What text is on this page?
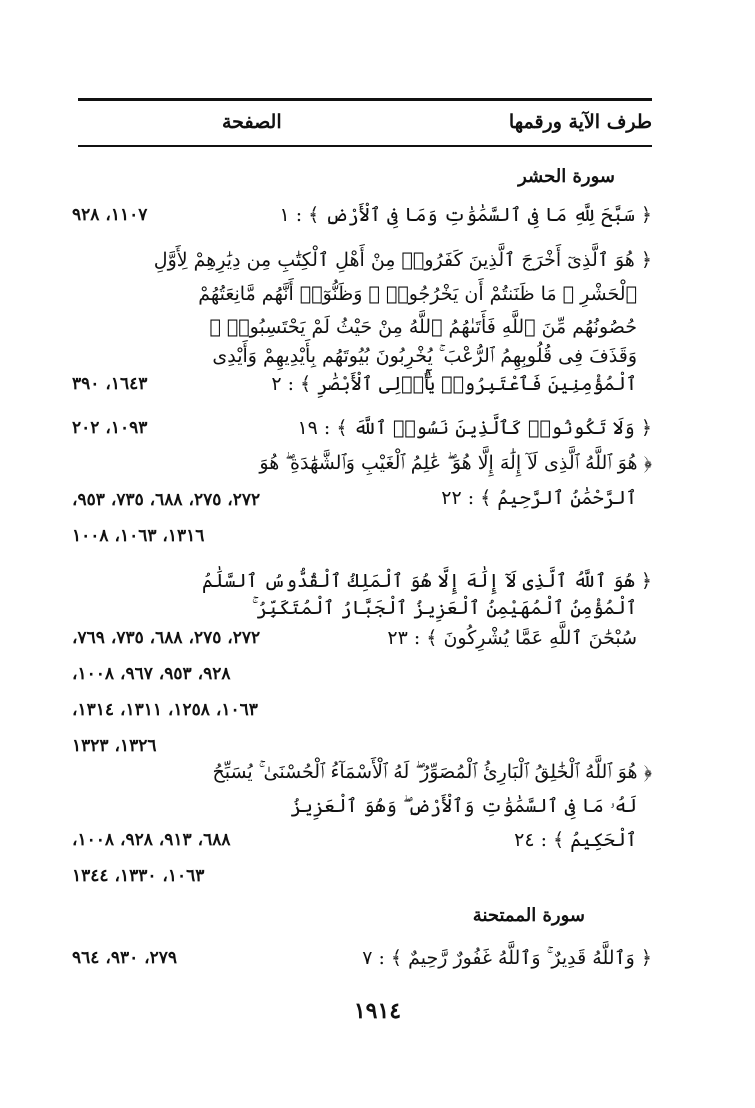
طرف الآية ورقمها
الصفحة
سورة الحشر
﴿ سَبَّحَ لِلَّهِ مَا فِى ٱلسَّمَٰوَٰتِ وَمَا فِى ٱلْأَرْضِ ﴾ : ١
١١٠٧، ٩٢٨
﴿ هُوَ ٱلَّذِىٓ أَخْرَجَ ٱلَّذِينَ كَفَرُوا۟ مِنْ أَهْلِ ٱلْكِتَٰبِ مِن دِيَٰرِهِمْ لِأَوَّلِ
ٱلْحَشْرِ ۚ مَا ظَنَنتُمْ أَن يَخْرُجُوا۟ ۖ وَظَنُّوٓا۟ أَنَّهُم مَّانِعَتُهُمْ
حُصُونُهُم مِّنَ ٱللَّهِ فَأَتَىٰهُمُ ٱللَّهُ مِنْ حَيْثُ لَمْ يَحْتَسِبُوا۟ ۖ
وَقَذَفَ فِى قُلُوبِهِمُ ٱلرُّعْبَ ۚ يُخْرِبُونَ بُيُوتَهُم بِأَيْدِيهِمْ وَأَيْدِى
ٱلْمُؤْمِنِينَ فَٱعْتَبِرُوا۟ يَٰٓأُو۟لِى ٱلْأَبْصَٰرِ ﴾ : ٢
١٦٤٣، ٣٩٠
﴿ وَلَا تَكُونُوا۟ كَٱلَّذِينَ نَسُوا۟ ٱللَّهَ ﴾ : ١٩
١٠٩٣، ٢٠٢
﴿ هُوَ ٱللَّهُ ٱلَّذِى لَآ إِلَٰهَ إِلَّا هُوَ ۖ عَٰلِمُ ٱلْغَيْبِ وَٱلشَّهَٰدَةِ ۖ هُوَ
ٱلرَّحْمَٰنُ ٱلرَّحِيمُ ﴾ : ٢٢
٢٧٢، ٢٧٥، ٦٨٨، ٧٣٥، ٩٥٣،
١٣١٦، ١٠٦٣، ١٠٠٨
﴿ هُوَ ٱللَّهُ ٱلَّذِى لَآ إِلَٰهَ إِلَّا هُوَ ٱلْمَلِكُ ٱلْقُدُّوسُ ٱلسَّلَٰمُ
ٱلْمُؤْمِنُ ٱلْمُهَيْمِنُ ٱلْعَزِيزُ ٱلْجَبَّارُ ٱلْمُتَكَبِّرُ ۚ
سُبْحَٰنَ ٱللَّهِ عَمَّا يُشْرِكُونَ ﴾ : ٢٣
٢٧٢، ٢٧٥، ٦٨٨، ٧٣٥، ٧٦٩،
٩٢٨، ٩٥٣، ٩٦٧، ١٠٠٨،
١٠٦٣، ١٢٥٨، ١٣١١، ١٣١٤،
١٣٢٦، ١٣٢٣
﴿ هُوَ ٱللَّهُ ٱلْخَٰلِقُ ٱلْبَارِئُ ٱلْمُصَوِّرُ ۖ لَهُ ٱلْأَسْمَآءُ ٱلْحُسْنَىٰ ۚ يُسَبِّحُ
لَهُۥ مَا فِى ٱلسَّمَٰوَٰتِ وَٱلْأَرْضِ ۖ وَهُوَ ٱلْعَزِيزُ
ٱلْحَكِيمُ ﴾ : ٢٤
٦٨٨، ٩١٣، ٩٢٨، ١٠٠٨،
١٠٦٣، ١٣٣٠، ١٣٤٤
سورة الممتحنة
﴿ وَٱللَّهُ قَدِيرٌ ۚ وَٱللَّهُ غَفُورٌ رَّحِيمٌ ﴾ : ٧
٢٧٩، ٩٣٠، ٩٦٤
١٩١٤
